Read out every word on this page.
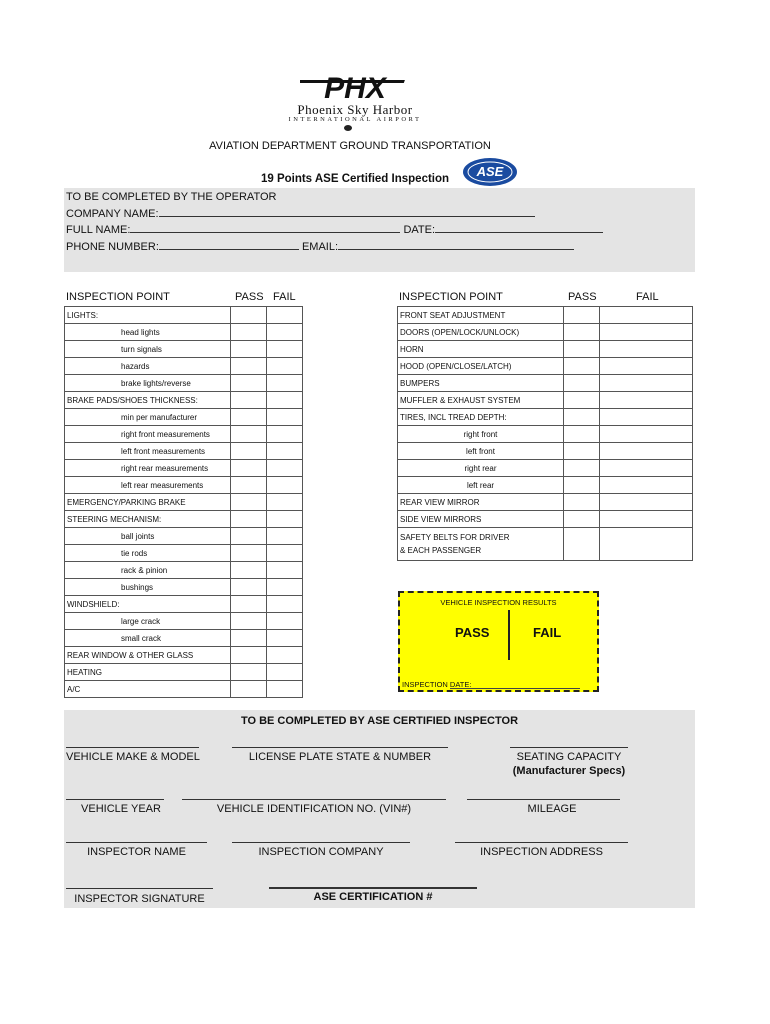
PHX
Phoenix Sky Harbor
INTERNATIONAL AIRPORT
AVIATION DEPARTMENT GROUND TRANSPORTATION
19 Points ASE Certified Inspection	ASE
TO BE COMPLETED BY THE OPERATOR
COMPANY NAME:
FULL NAME:	DATE:
PHONE NUMBER:	EMAIL:
INSPECTION POINT	PASS FAIL	INSPECTION POINT	PASS	FAIL
LIGHTS:		
head lights		
turn signals		
hazards		
brake lights/reverse		
BRAKE PADS/SHOES THICKNESS:		
min per manufacturer		
right front measurements		
left front measurements		
right rear measurements		
left rear measurements		
EMERGENCY/PARKING BRAKE		
STEERING MECHANISM:		
ball joints		
tie rods		
rack & pinion		
bushings		
WINDSHIELD:		
large crack		
small crack		
REAR WINDOW & OTHER GLASS		
HEATING		
A/C		
FRONT SEAT ADJUSTMENT		
DOORS (OPEN/LOCK/UNLOCK)		
HORN		
HOOD (OPEN/CLOSE/LATCH)		
BUMPERS		
MUFFLER & EXHAUST SYSTEM		
TIRES, INCL TREAD DEPTH:		
right front		
left front		
right rear		
left rear		
REAR VIEW MIRROR		
SIDE VIEW MIRRORS		
SAFETY BELTS FOR DRIVER
& EACH PASSENGER		
VEHICLE INSPECTION RESULTS
PASS	FAIL
INSPECTION DATE:
TO BE COMPLETED BY ASE CERTIFIED INSPECTOR
VEHICLE MAKE & MODEL	LICENSE PLATE STATE & NUMBER	SEATING CAPACITY
(Manufacturer Specs)
VEHICLE YEAR	VEHICLE IDENTIFICATION NO. (VIN#)	MILEAGE
INSPECTOR NAME	INSPECTION COMPANY	INSPECTION ADDRESS
INSPECTOR SIGNATURE	ASE CERTIFICATION #
